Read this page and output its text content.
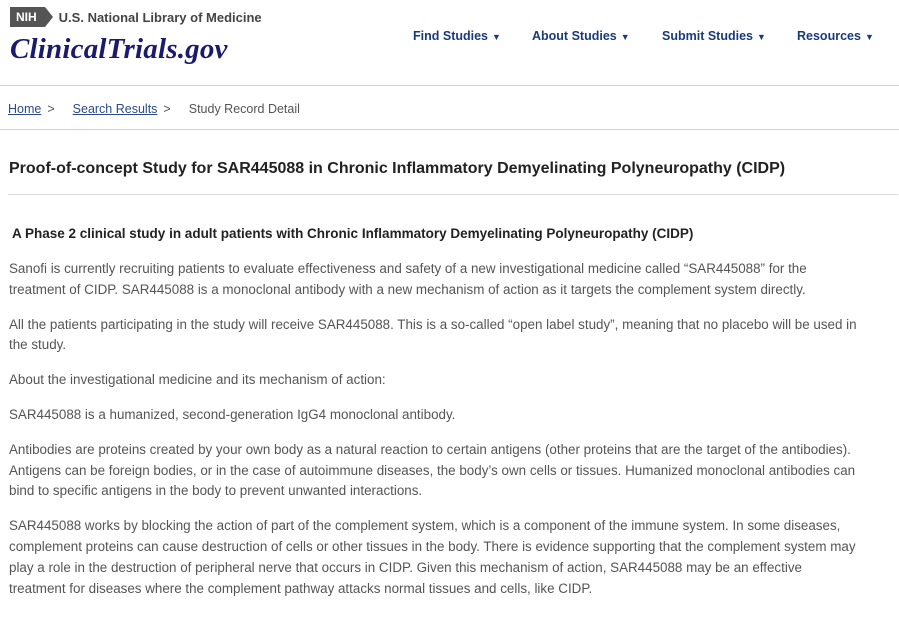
NIH	U.S. National Library of Medicine
ClinicalTrials.gov	Find Studies ▼ About Studies ▼	Submit Studies ▼ Resources ▼
Home > Search Results > Study Record Detail
Proof-of-concept Study for SAR445088 in Chronic Inflammatory Demyelinating Polyneuropathy (CIDP)
A Phase 2 clinical study in adult patients with Chronic Inflammatory Demyelinating Polyneuropathy (CIDP)

Sanofi is currently recruiting patients to evaluate effectiveness and safety of a new investigational medicine called “SAR445088” for the treatment of CIDP. SAR445088 is a monoclonal antibody with a new mechanism of action as it targets the complement system directly.

All the patients participating in the study will receive SAR445088. This is a so-called “open label study”, meaning that no placebo will be used in the study.

About the investigational medicine and its mechanism of action:

SAR445088 is a humanized, second-generation IgG4 monoclonal antibody.

Antibodies are proteins created by your own body as a natural reaction to certain antigens (other proteins that are the target of the antibodies). Antigens can be foreign bodies, or in the case of autoimmune diseases, the body’s own cells or tissues. Humanized monoclonal antibodies can bind to specific antigens in the body to prevent unwanted interactions.

SAR445088 works by blocking the action of part of the complement system, which is a component of the immune system. In some diseases, complement proteins can cause destruction of cells or other tissues in the body. There is evidence supporting that the complement system may play a role in the destruction of peripheral nerve that occurs in CIDP. Given this mechanism of action, SAR445088 may be an effective treatment for diseases where the complement pathway attacks normal tissues and cells, like CIDP.
